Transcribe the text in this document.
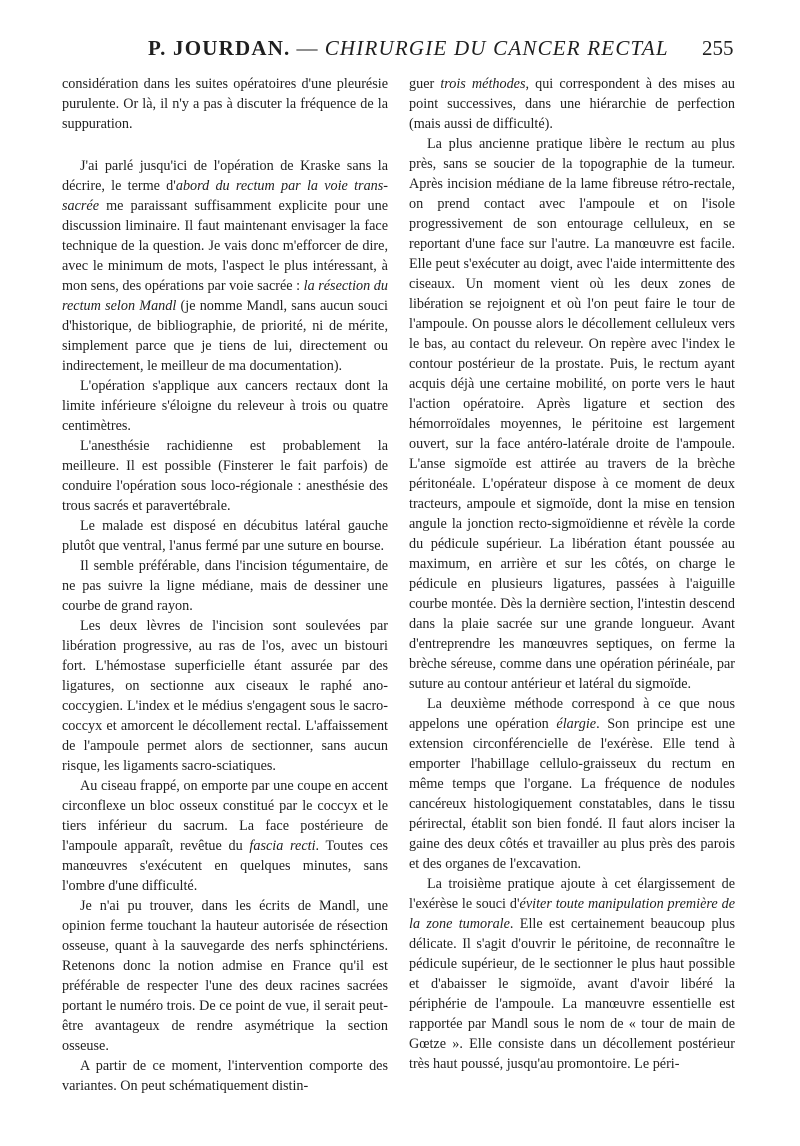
P. JOURDAN. — CHIRURGIE DU CANCER RECTAL	255

considération dans les suites opératoires d'une pleurésie purulente. Or là, il n'y a pas à discuter la fréquence de la suppuration.

J'ai parlé jusqu'ici de l'opération de Kraske sans la décrire, le terme d'abord du rectum par la voie trans-sacrée me paraissant suffisamment explicite pour une discussion liminaire. Il faut maintenant envisager la face technique de la question. Je vais donc m'efforcer de dire, avec le minimum de mots, l'aspect le plus intéressant, à mon sens, des opérations par voie sacrée : la résection du rectum selon Mandl (je nomme Mandl, sans aucun souci d'historique, de bibliographie, de priorité, ni de mérite, simplement parce que je tiens de lui, directement ou indirectement, le meilleur de ma documentation).

L'opération s'applique aux cancers rectaux dont la limite inférieure s'éloigne du releveur à trois ou quatre centimètres.

L'anesthésie rachidienne est probablement la meilleure. Il est possible (Finsterer le fait parfois) de conduire l'opération sous loco-régionale : anesthésie des trous sacrés et paravertébrale.

Le malade est disposé en décubitus latéral gauche plutôt que ventral, l'anus fermé par une suture en bourse.

Il semble préférable, dans l'incision tégumentaire, de ne pas suivre la ligne médiane, mais de dessiner une courbe de grand rayon.

Les deux lèvres de l'incision sont soulevées par libération progressive, au ras de l'os, avec un bistouri fort. L'hémostase superficielle étant assurée par des ligatures, on sectionne aux ciseaux le raphé ano-coccygien. L'index et le médius s'engagent sous le sacro-coccyx et amorcent le décollement rectal. L'affaissement de l'ampoule permet alors de sectionner, sans aucun risque, les ligaments sacro-sciatiques.

Au ciseau frappé, on emporte par une coupe en accent circonflexe un bloc osseux constitué par le coccyx et le tiers inférieur du sacrum. La face postérieure de l'ampoule apparaît, revêtue du fascia recti. Toutes ces manœuvres s'exécutent en quelques minutes, sans l'ombre d'une difficulté.

Je n'ai pu trouver, dans les écrits de Mandl, une opinion ferme touchant la hauteur autorisée de résection osseuse, quant à la sauvegarde des nerfs sphinctériens. Retenons donc la notion admise en France qu'il est préférable de respecter l'une des deux racines sacrées portant le numéro trois. De ce point de vue, il serait peut-être avantageux de rendre asymétrique la section osseuse.

A partir de ce moment, l'intervention comporte des variantes. On peut schématiquement distin-

guer trois méthodes, qui correspondent à des mises au point successives, dans une hiérarchie de perfection (mais aussi de difficulté).

La plus ancienne pratique libère le rectum au plus près, sans se soucier de la topographie de la tumeur. Après incision médiane de la lame fibreuse rétro-rectale, on prend contact avec l'ampoule et on l'isole progressivement de son entourage celluleux, en se reportant d'une face sur l'autre. La manœuvre est facile. Elle peut s'exécuter au doigt, avec l'aide intermittente des ciseaux. Un moment vient où les deux zones de libération se rejoignent et où l'on peut faire le tour de l'ampoule. On pousse alors le décollement celluleux vers le bas, au contact du releveur. On repère avec l'index le contour postérieur de la prostate. Puis, le rectum ayant acquis déjà une certaine mobilité, on porte vers le haut l'action opératoire. Après ligature et section des hémorroïdales moyennes, le péritoine est largement ouvert, sur la face antéro-latérale droite de l'ampoule. L'anse sigmoïde est attirée au travers de la brèche péritonéale. L'opérateur dispose à ce moment de deux tracteurs, ampoule et sigmoïde, dont la mise en tension angule la jonction recto-sigmoïdienne et révèle la corde du pédicule supérieur. La libération étant poussée au maximum, en arrière et sur les côtés, on charge le pédicule en plusieurs ligatures, passées à l'aiguille courbe montée. Dès la dernière section, l'intestin descend dans la plaie sacrée sur une grande longueur. Avant d'entreprendre les manœuvres septiques, on ferme la brèche séreuse, comme dans une opération périnéale, par suture au contour antérieur et latéral du sigmoïde.

La deuxième méthode correspond à ce que nous appelons une opération élargie. Son principe est une extension circonférencielle de l'exérèse. Elle tend à emporter l'habillage cellulo-graisseux du rectum en même temps que l'organe. La fréquence de nodules cancéreux histologiquement constatables, dans le tissu périrectal, établit son bien fondé. Il faut alors inciser la gaine des deux côtés et travailler au plus près des parois et des organes de l'excavation.

La troisième pratique ajoute à cet élargissement de l'exérèse le souci d'éviter toute manipulation première de la zone tumorale. Elle est certainement beaucoup plus délicate. Il s'agit d'ouvrir le péritoine, de reconnaître le pédicule supérieur, de le sectionner le plus haut possible et d'abaisser le sigmoïde, avant d'avoir libéré la périphérie de l'ampoule. La manœuvre essentielle est rapportée par Mandl sous le nom de « tour de main de Gœtze ». Elle consiste dans un décollement postérieur très haut poussé, jusqu'au promontoire. Le péri-
